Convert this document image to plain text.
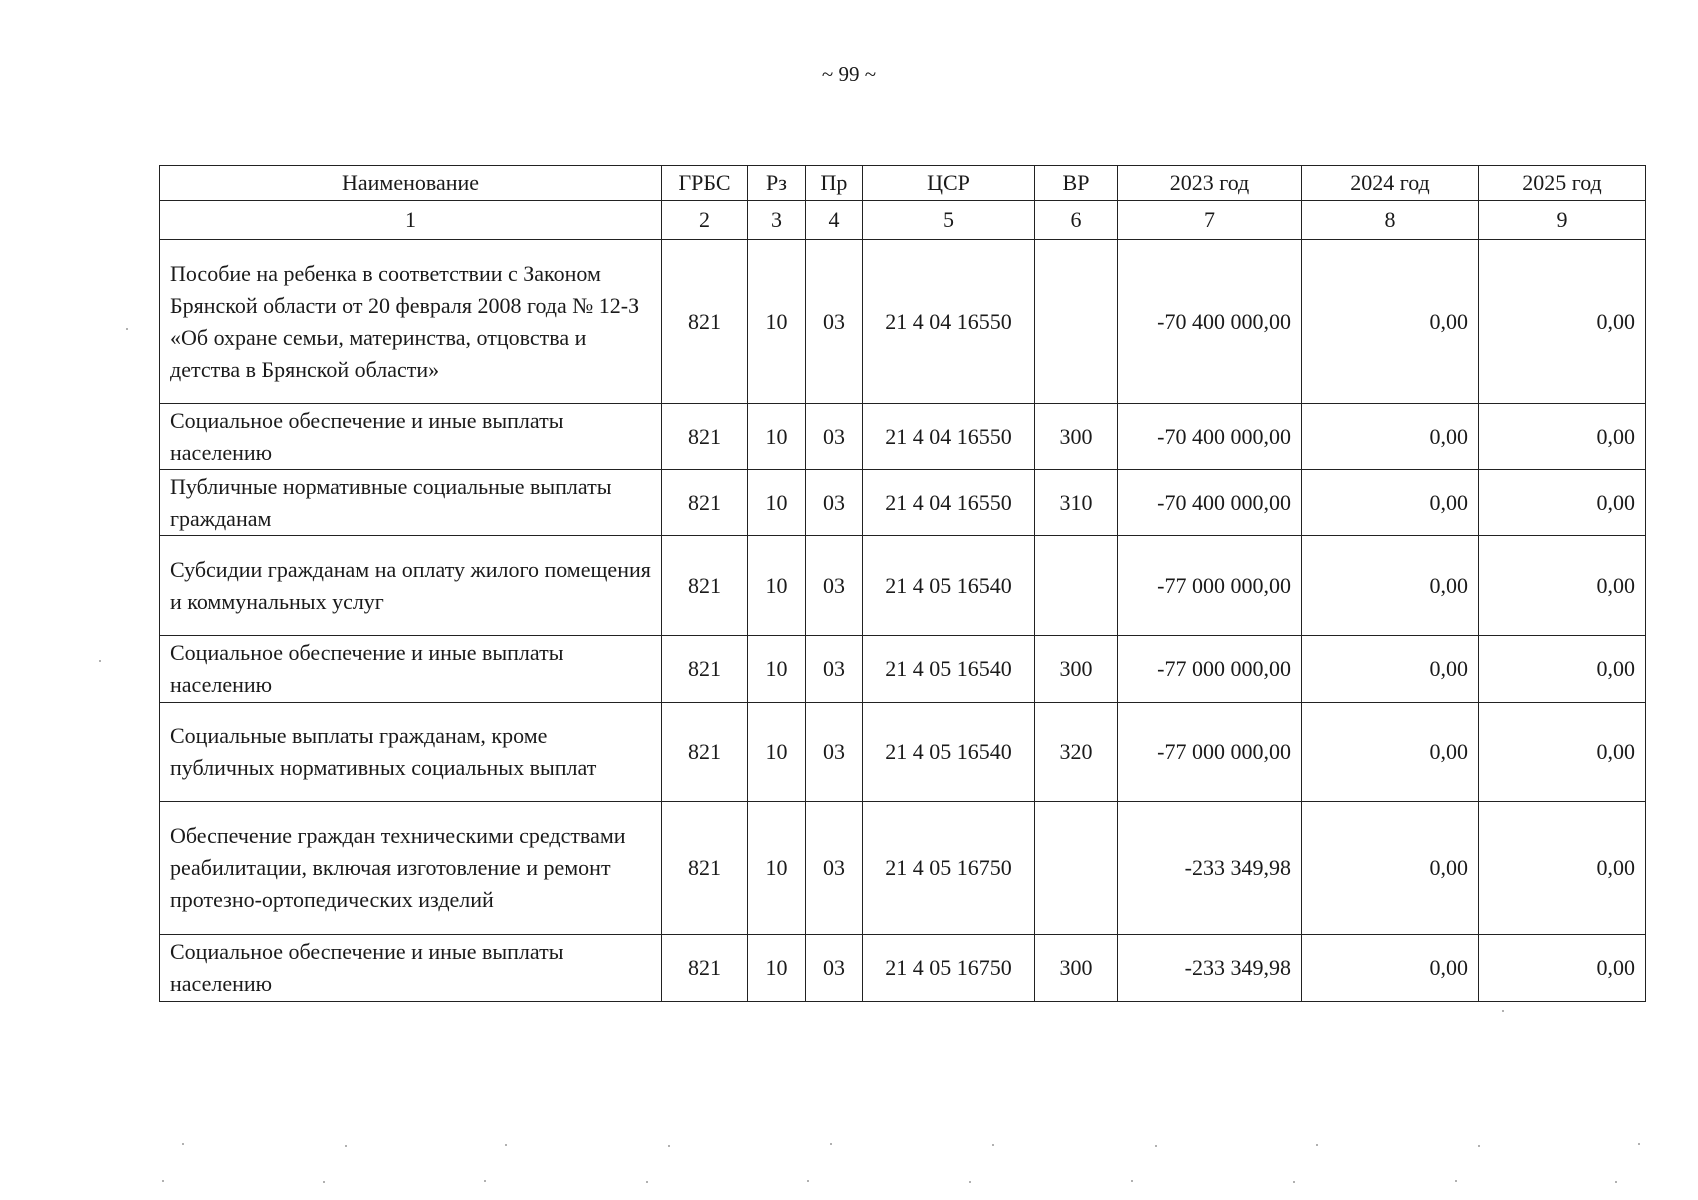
~ 99 ~
Наименование	ГРБС	Рз	Пр	ЦСР	ВР	2023 год	2024 год	2025 год
1	2	3	4	5	6	7	8	9
Пособие на ребенка в соответствии с Законом Брянской области от 20 февраля 2008 года № 12-З «Об охране семьи, материнства, отцовства и детства в Брянской области»	821	10	03	21 4 04 16550		-70 400 000,00	0,00	0,00
Социальное обеспечение и иные выплаты населению	821	10	03	21 4 04 16550	300	-70 400 000,00	0,00	0,00
Публичные нормативные социальные выплаты гражданам	821	10	03	21 4 04 16550	310	-70 400 000,00	0,00	0,00
Субсидии гражданам на оплату жилого помещения и коммунальных услуг	821	10	03	21 4 05 16540		-77 000 000,00	0,00	0,00
Социальное обеспечение и иные выплаты населению	821	10	03	21 4 05 16540	300	-77 000 000,00	0,00	0,00
Социальные выплаты гражданам, кроме публичных нормативных социальных выплат	821	10	03	21 4 05 16540	320	-77 000 000,00	0,00	0,00
Обеспечение граждан техническими средствами реабилитации, включая изготовление и ремонт протезно-ортопедических изделий	821	10	03	21 4 05 16750		-233 349,98	0,00	0,00
Социальное обеспечение и иные выплаты населению	821	10	03	21 4 05 16750	300	-233 349,98	0,00	0,00
